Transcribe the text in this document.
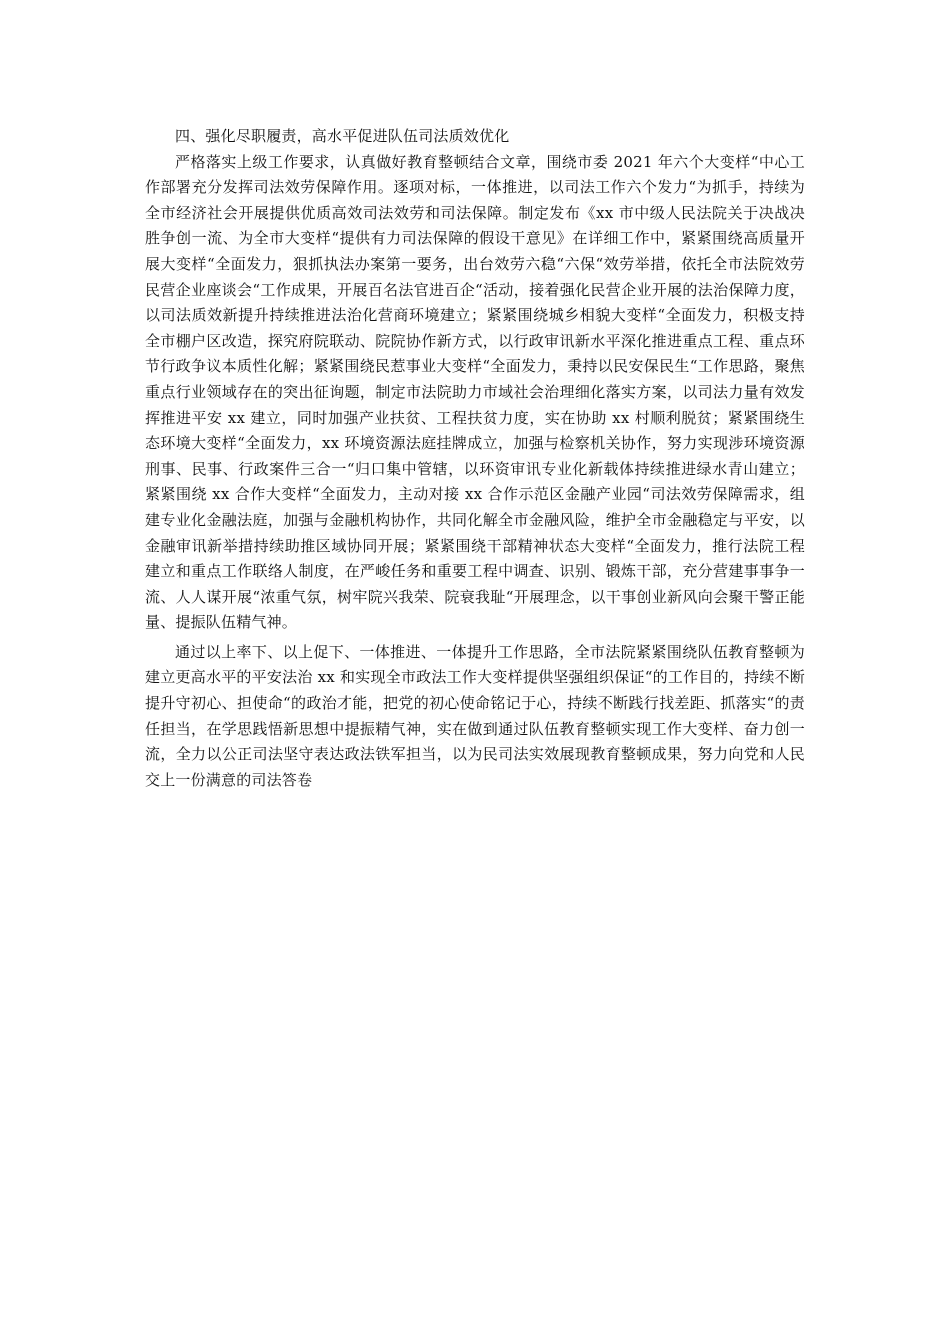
四、强化尽职履责，高水平促进队伍司法质效优化

严格落实上级工作要求，认真做好教育整顿结合文章，围绕市委 2021 年六个大变样“中心工作部署充分发挥司法效劳保障作用。逐项对标，一体推进，以司法工作六个发力“为抓手，持续为全市经济社会开展提供优质高效司法效劳和司法保障。制定发布《xx 市中级人民法院关于决战决胜争创一流、为全市大变样“提供有力司法保障的假设干意见》在详细工作中，紧紧围绕高质量开展大变样“全面发力，狠抓执法办案第一要务，出台效劳六稳“六保“效劳举措，依托全市法院效劳民营企业座谈会“工作成果，开展百名法官进百企“活动，接着强化民营企业开展的法治保障力度，以司法质效新提升持续推进法治化营商环境建立；紧紧围绕城乡相貌大变样“全面发力，积极支持全市棚户区改造，探究府院联动、院院协作新方式，以行政审讯新水平深化推进重点工程、重点环节行政争议本质性化解；紧紧围绕民惹事业大变样“全面发力，秉持以民安保民生“工作思路，聚焦重点行业领域存在的突出征询题，制定市法院助力市域社会治理细化落实方案，以司法力量有效发挥推进平安 xx 建立，同时加强产业扶贫、工程扶贫力度，实在协助 xx 村顺利脱贫；紧紧围绕生态环境大变样“全面发力，xx 环境资源法庭挂牌成立，加强与检察机关协作，努力实现涉环境资源刑事、民事、行政案件三合一“归口集中管辖，以环资审讯专业化新载体持续推进绿水青山建立；紧紧围绕 xx 合作大变样“全面发力，主动对接 xx 合作示范区金融产业园“司法效劳保障需求，组建专业化金融法庭，加强与金融机构协作，共同化解全市金融风险，维护全市金融稳定与平安，以金融审讯新举措持续助推区域协同开展；紧紧围绕干部精神状态大变样“全面发力，推行法院工程建立和重点工作联络人制度，在严峻任务和重要工程中调查、识别、锻炼干部，充分营建事事争一流、人人谋开展“浓重气氛，树牢院兴我荣、院衰我耻“开展理念，以干事创业新风向会聚干警正能量、提振队伍精气神。

通过以上率下、以上促下、一体推进、一体提升工作思路，全市法院紧紧围绕队伍教育整顿为建立更高水平的平安法治 xx 和实现全市政法工作大变样提供坚强组织保证“的工作目的，持续不断提升守初心、担使命“的政治才能，把党的初心使命铭记于心，持续不断践行找差距、抓落实“的责任担当，在学思践悟新思想中提振精气神，实在做到通过队伍教育整顿实现工作大变样、奋力创一流，全力以公正司法坚守表达政法铁军担当，以为民司法实效展现教育整顿成果，努力向党和人民交上一份满意的司法答卷
